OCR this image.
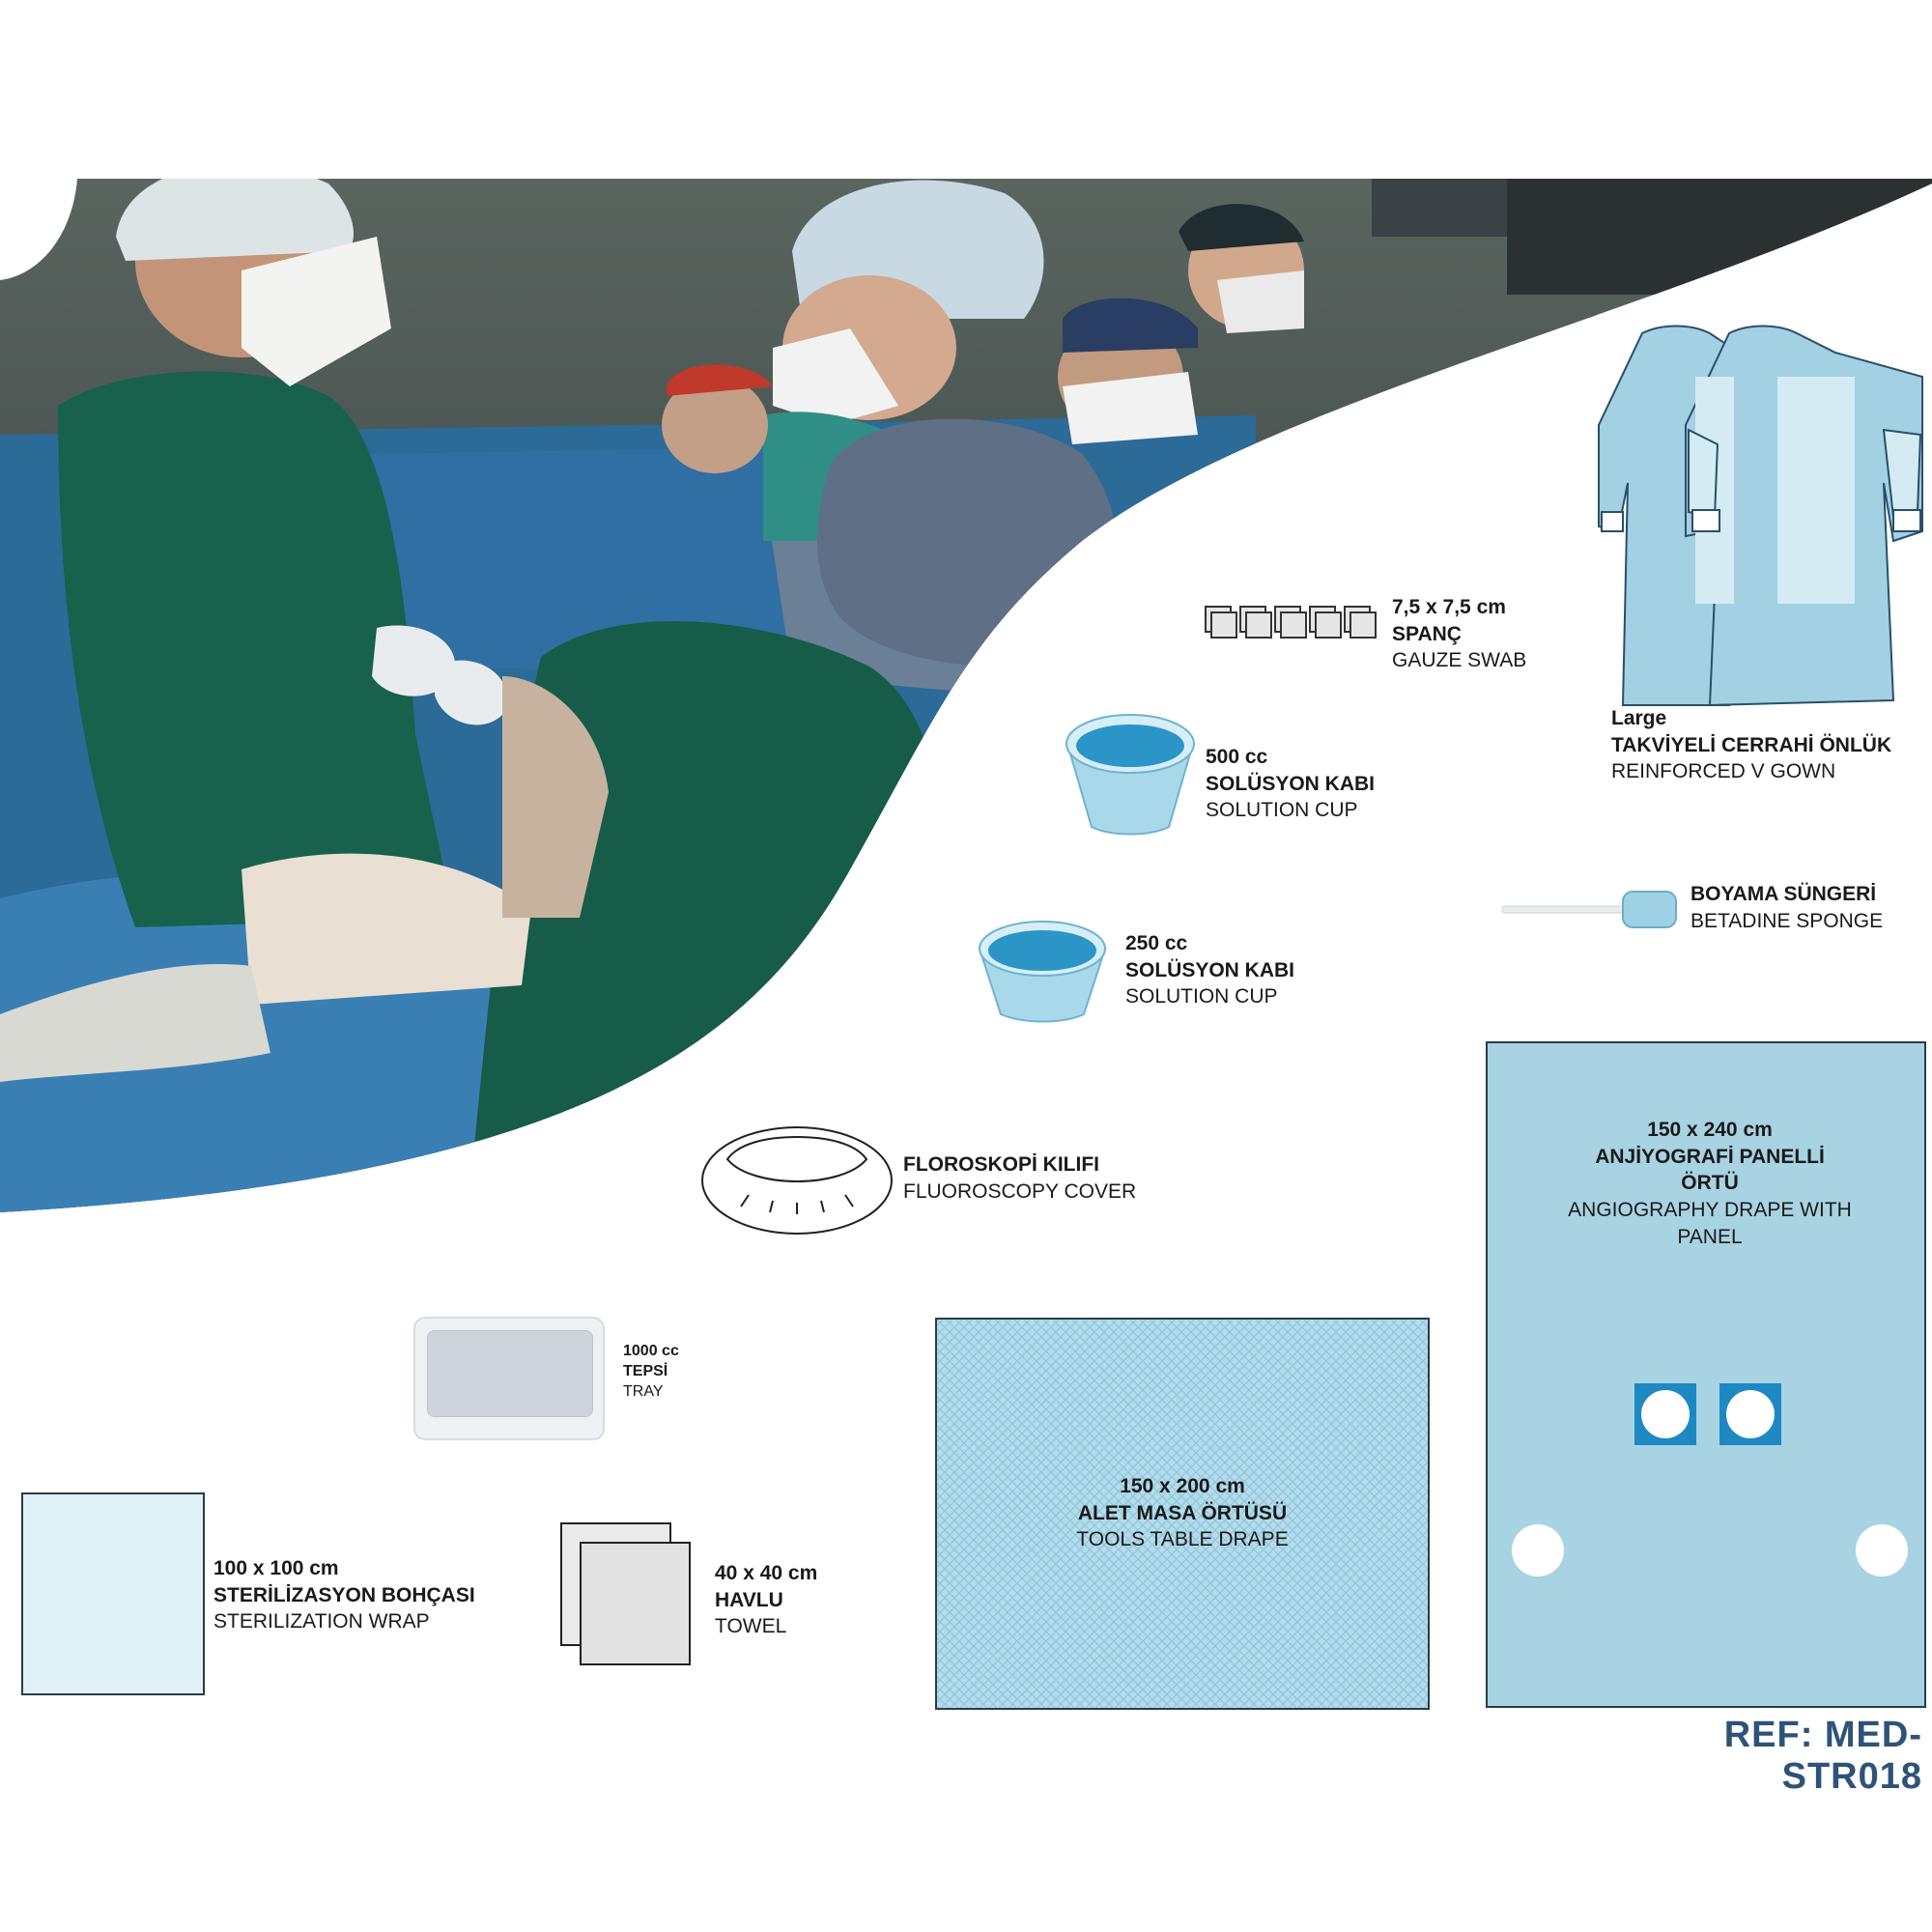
7,5 x 7,5 cm
SPANÇ
GAUZE SWAB
Large
TAKVİYELİ CERRAHİ ÖNLÜK
REINFORCED V GOWN
500 cc
SOLÜSYON KABI
SOLUTION CUP
250 cc
SOLÜSYON KABI
SOLUTION CUP
BOYAMA SÜNGERİ
BETADINE SPONGE
FLOROSKOPİ KILIFI
FLUOROSCOPY COVER
150 x 240 cm
ANJİYOGRAFİ PANELLİ ÖRTÜ
ANGIOGRAPHY DRAPE WITH PANEL
1000 cc
TEPSİ
TRAY
150 x 200 cm
ALET MASA ÖRTÜSÜ
TOOLS TABLE DRAPE
100 x 100 cm
STERİLİZASYON BOHÇASI
STERILIZATION WRAP
40 x 40 cm
HAVLU
TOWEL
REF: MED-STR018
